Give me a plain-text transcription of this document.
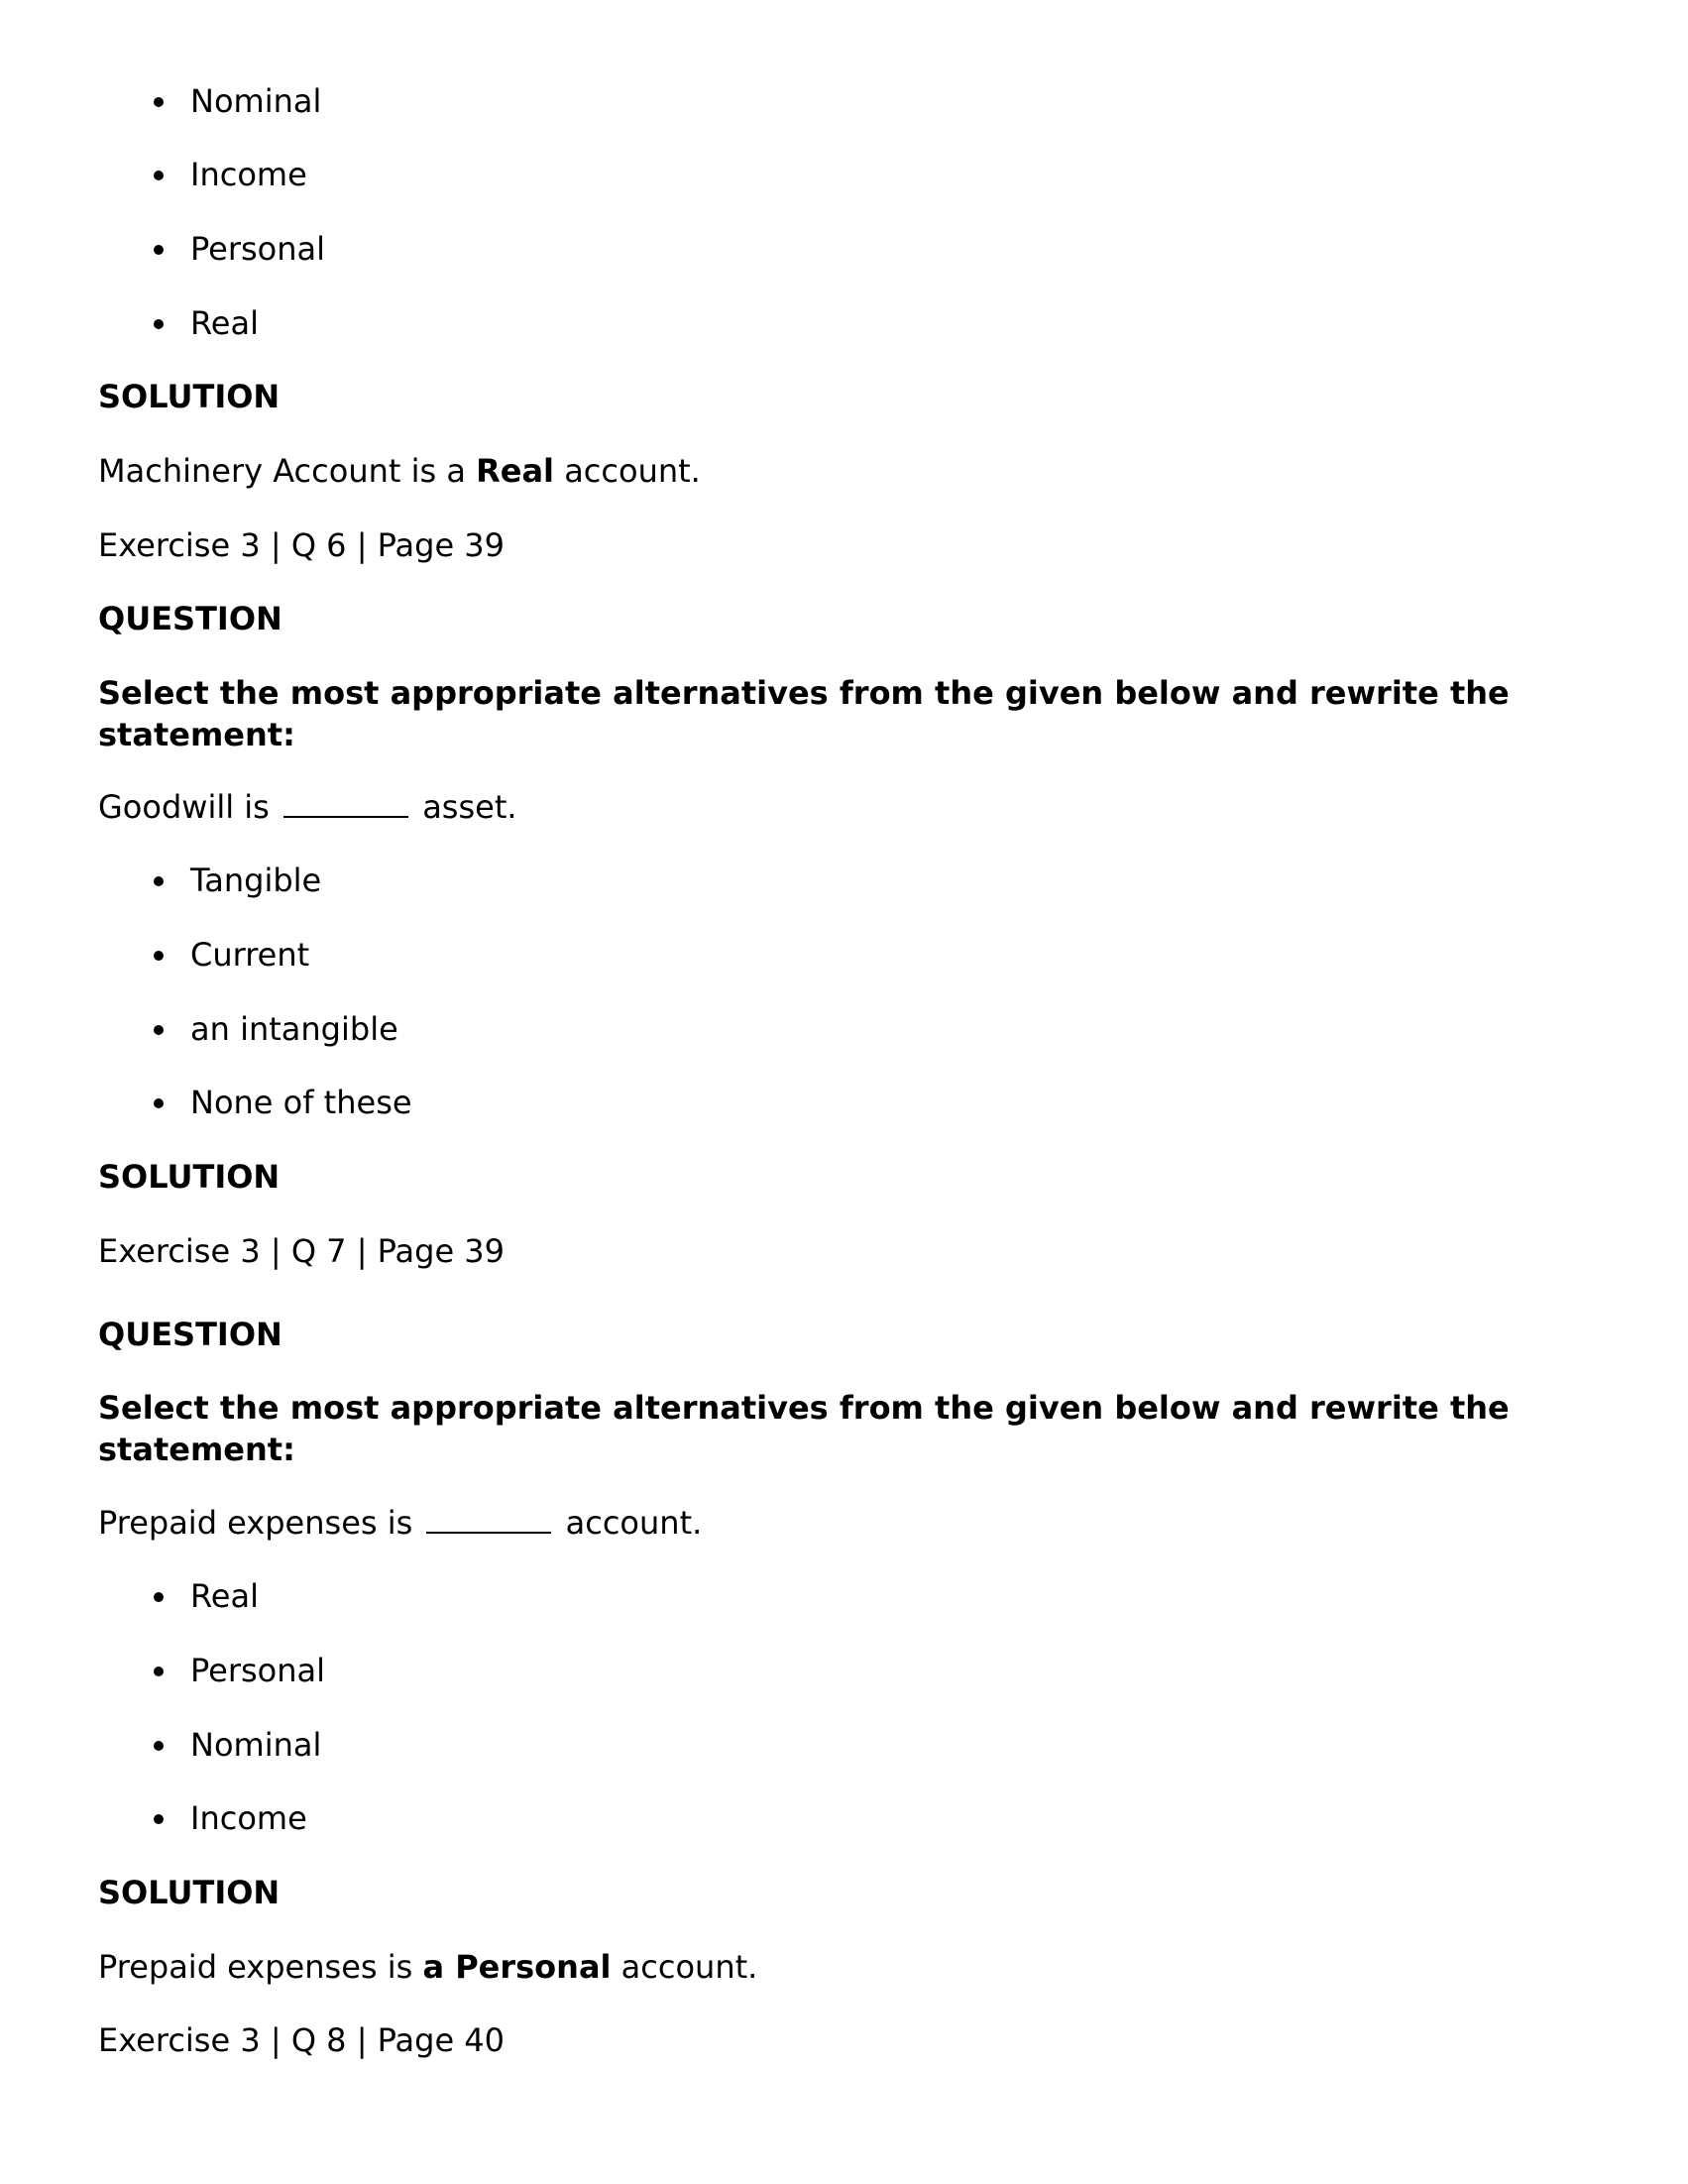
Nominal

Income

Personal

Real

SOLUTION

Machinery Account is a Real account.

Exercise 3 | Q 6 | Page 39

QUESTION

Select the most appropriate alternatives from the given below and rewrite the statement:

Goodwill is	asset.

Tangible

Current

an intangible

None of these

SOLUTION

Exercise 3 | Q 7 | Page 39

QUESTION

Select the most appropriate alternatives from the given below and rewrite the statement:

Prepaid expenses is	account.

Real

Personal

Nominal

Income

SOLUTION

Prepaid expenses is a Personal account.

Exercise 3 | Q 8 | Page 40
